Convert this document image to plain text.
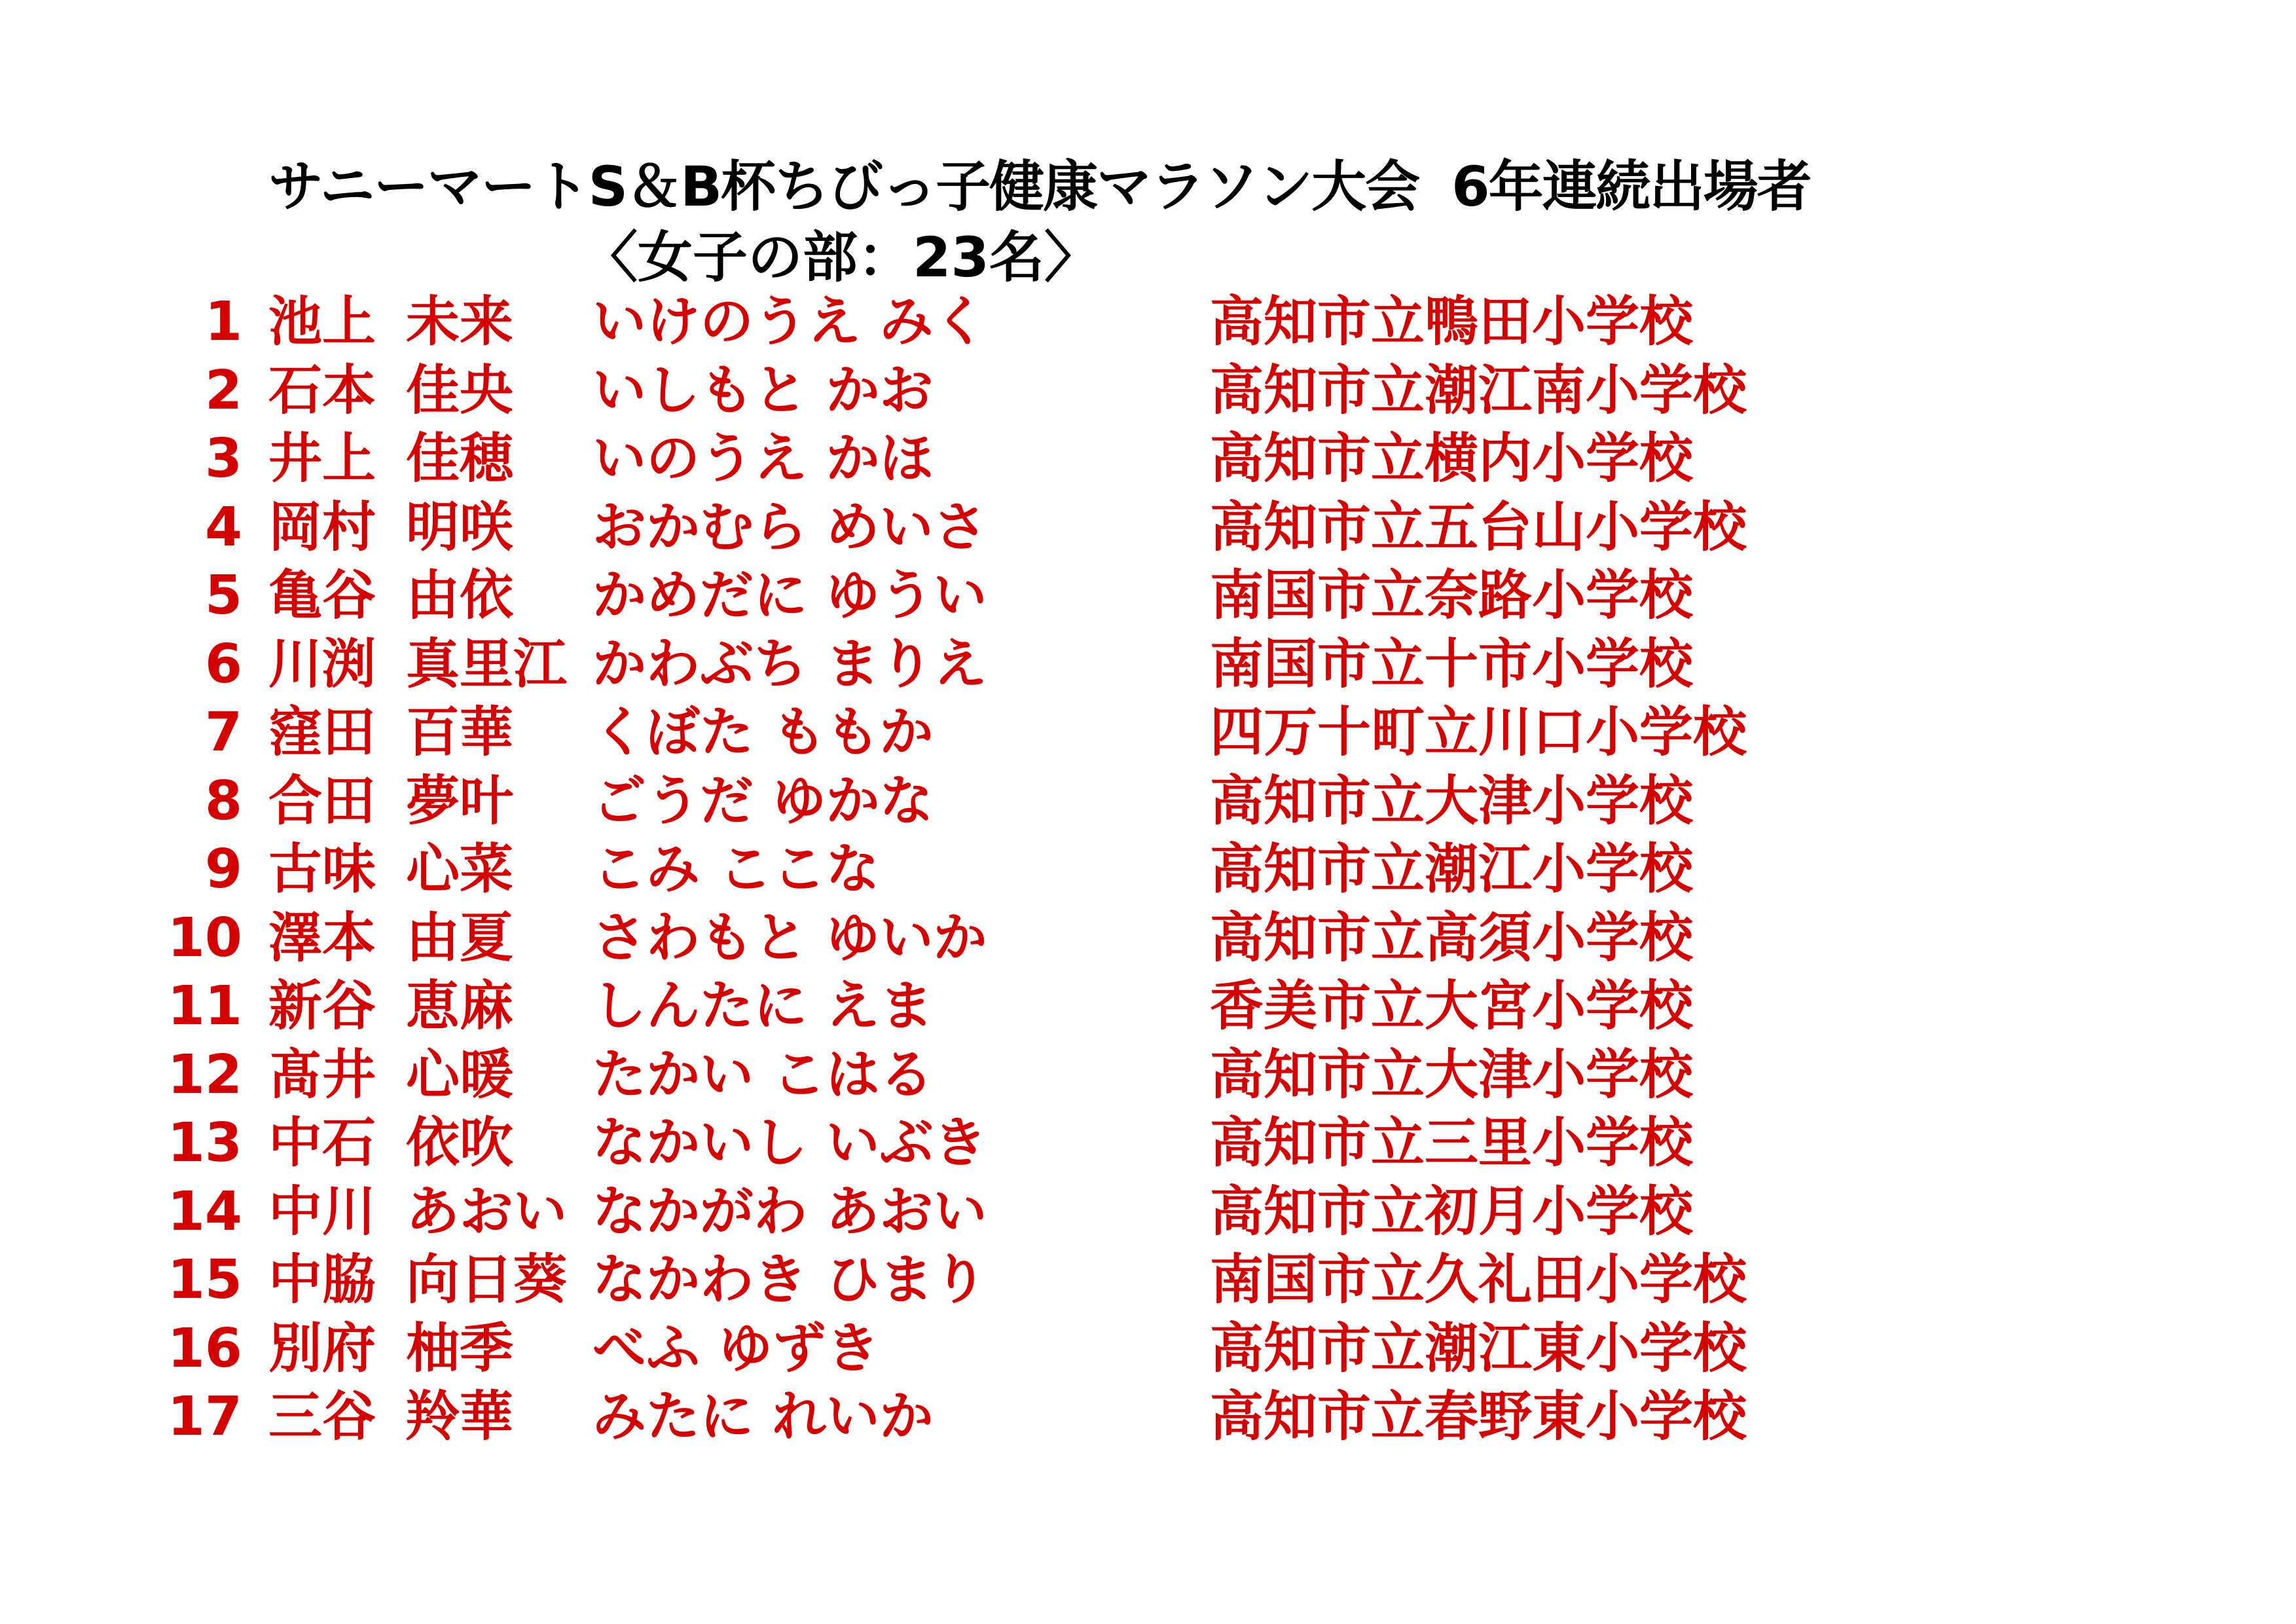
サニーマートS＆B杯ちびっ子健康マラソン大会 6年連続出場者
〈女子の部：23名〉
1 池上 未来 いけのうえ みく	高知市立鴨田小学校
2 石本 佳央 いしもと かお	高知市立潮江南小学校
3 井上 佳穂 いのうえ かほ	高知市立横内小学校
4 岡村 明咲 おかむら めいさ	高知市立五台山小学校
5 亀谷 由依 かめだに ゆうい	南国市立奈路小学校
6 川渕 真里江 かわぶち まりえ	南国市立十市小学校
7 窪田 百華 くぼた ももか	四万十町立川口小学校
8 合田 夢叶 ごうだ ゆかな	高知市立大津小学校
9 古味 心菜 こみ ここな	高知市立潮江小学校
10 澤本 由夏 さわもと ゆいか	高知市立高須小学校
11 新谷 恵麻 しんたに えま	香美市立大宮小学校
12 髙井 心暖 たかい こはる	高知市立大津小学校
13 中石 依吹 なかいし いぶき	高知市立三里小学校
14 中川 あおい なかがわ あおい	高知市立初月小学校
15 中脇 向日葵 なかわき ひまり	南国市立久礼田小学校
16 別府 柚季 べふ ゆずき	高知市立潮江東小学校
17 三谷 羚華 みたに れいか	高知市立春野東小学校
